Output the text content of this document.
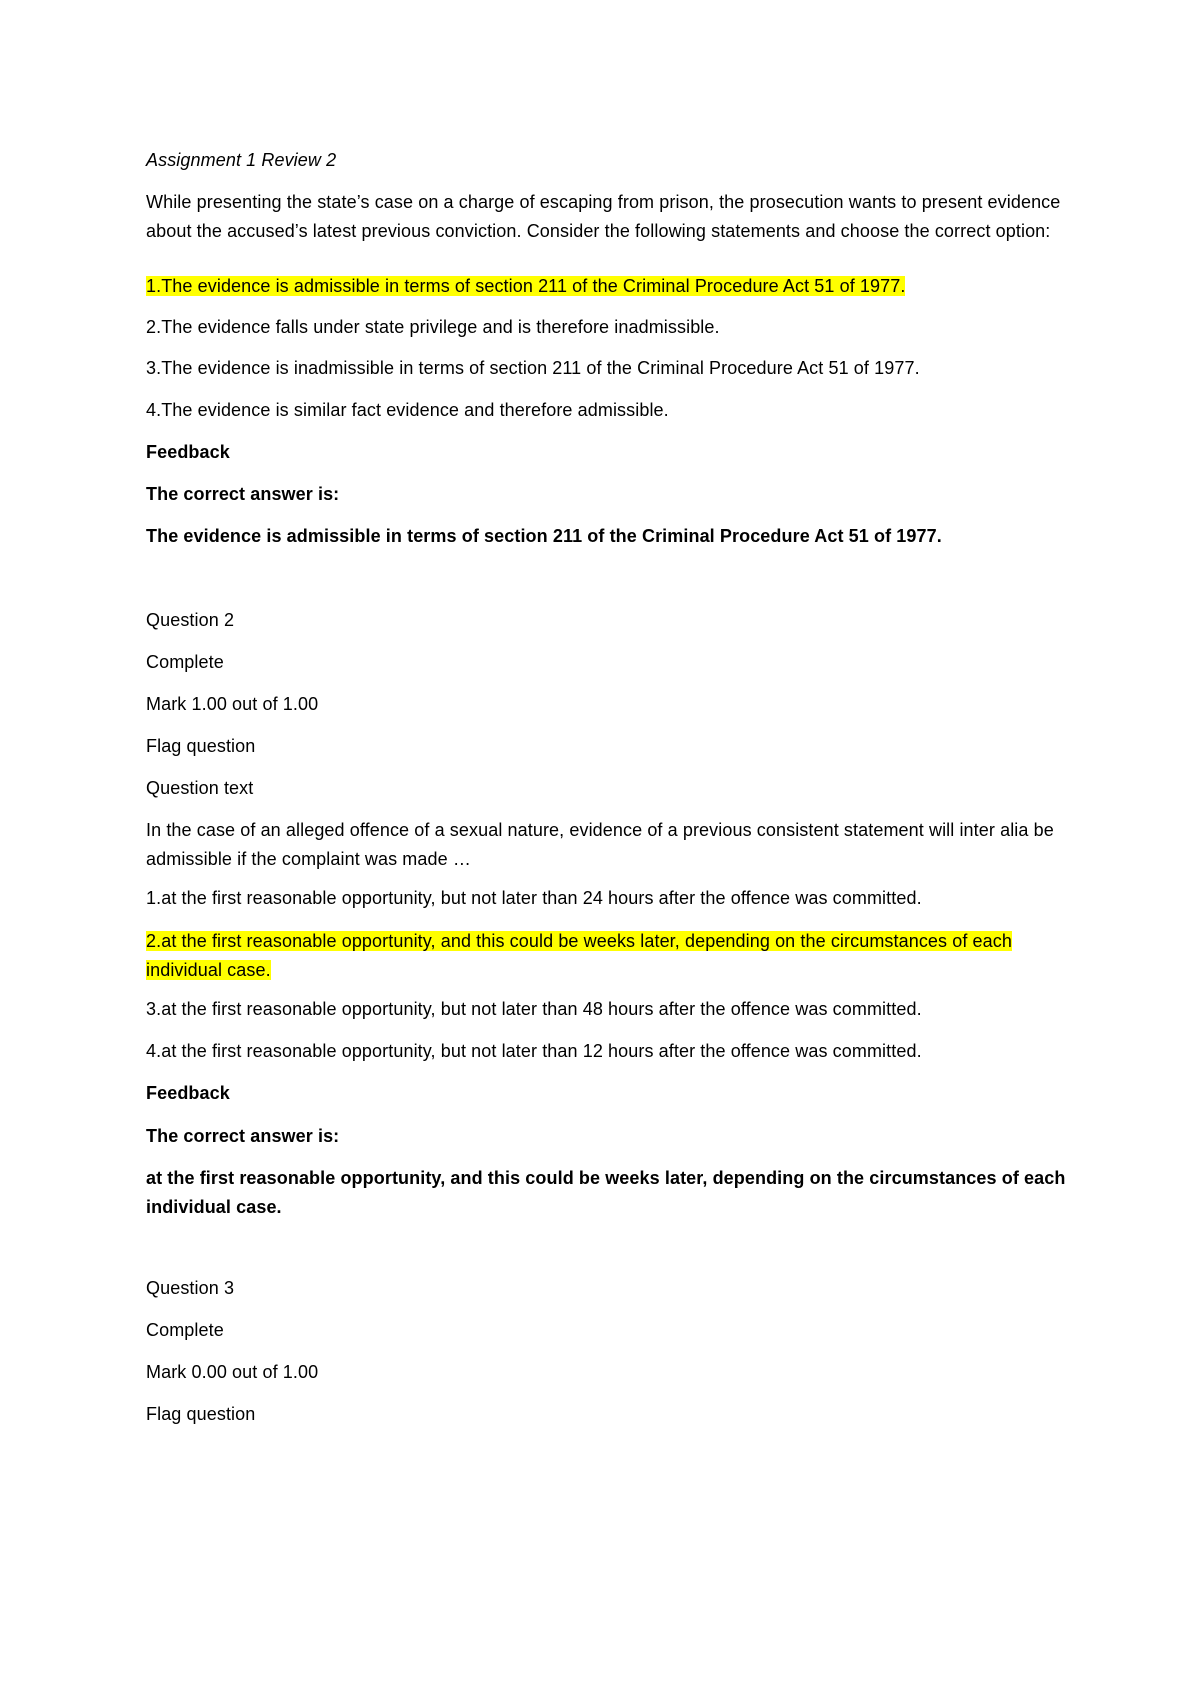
Assignment 1 Review 2
While presenting the state’s case on a charge of escaping from prison, the prosecution wants to present evidence about the accused’s latest previous conviction. Consider the following statements and choose the correct option:
1.The evidence is admissible in terms of section 211 of the Criminal Procedure Act 51 of 1977.
2.The evidence falls under state privilege and is therefore inadmissible.
3.The evidence is inadmissible in terms of section 211 of the Criminal Procedure Act 51 of 1977.
4.The evidence is similar fact evidence and therefore admissible.
Feedback
The correct answer is:
The evidence is admissible in terms of section 211 of the Criminal Procedure Act 51 of 1977.
Question 2
Complete
Mark 1.00 out of 1.00
Flag question
Question text
In the case of an alleged offence of a sexual nature, evidence of a previous consistent statement will inter alia be admissible if the complaint was made …
1.at the first reasonable opportunity, but not later than 24 hours after the offence was committed.
2.at the first reasonable opportunity, and this could be weeks later, depending on the circumstances of each individual case.
3.at the first reasonable opportunity, but not later than 48 hours after the offence was committed.
4.at the first reasonable opportunity, but not later than 12 hours after the offence was committed.
Feedback
The correct answer is:
at the first reasonable opportunity, and this could be weeks later, depending on the circumstances of each individual case.
Question 3
Complete
Mark 0.00 out of 1.00
Flag question
